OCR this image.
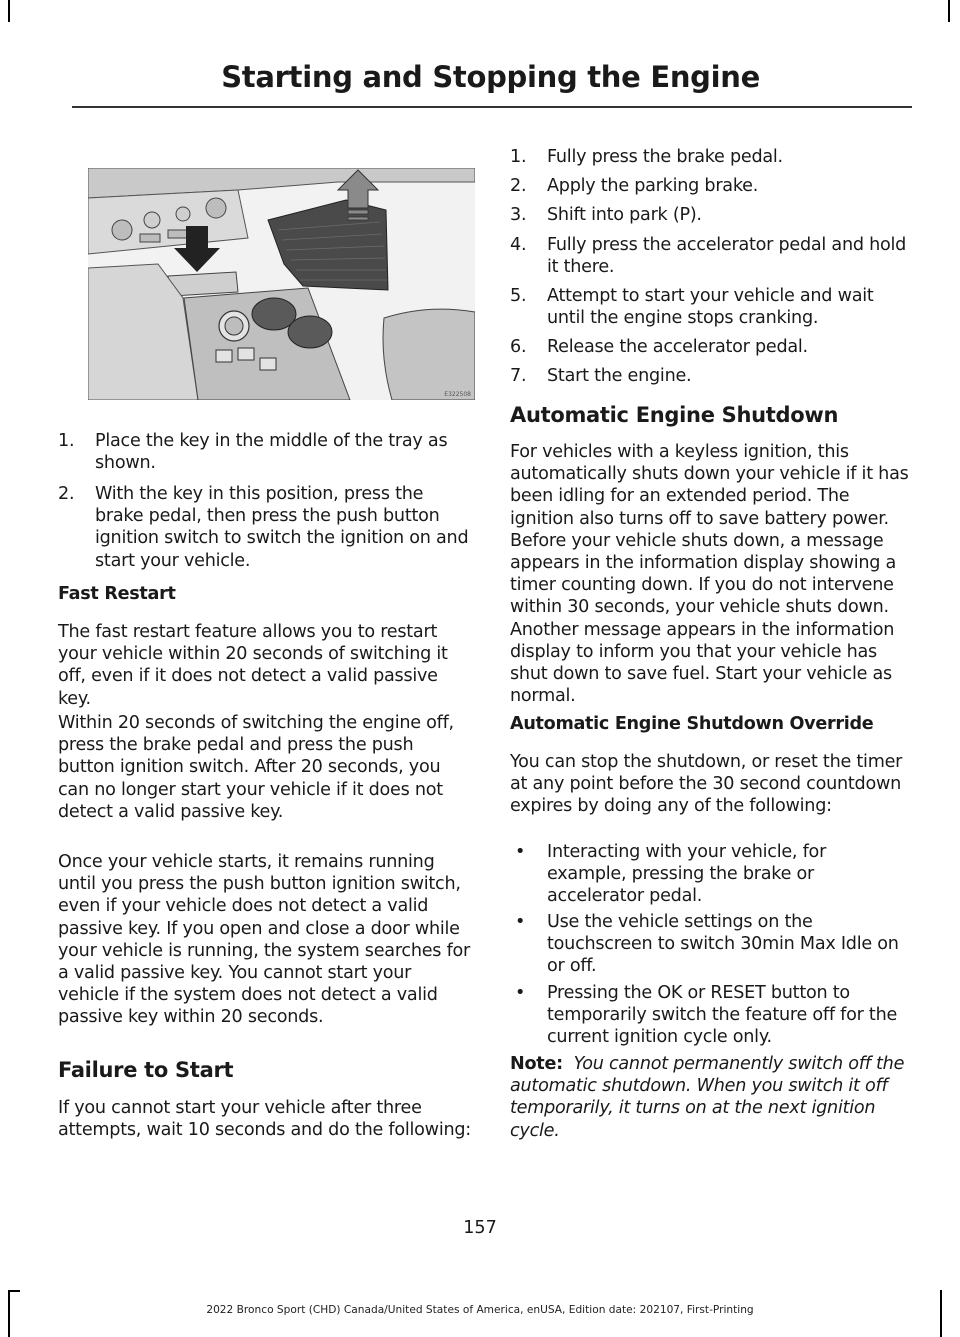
Starting and Stopping the Engine
E322508
1. Place the key in the middle of the tray as shown.
2. With the key in this position, press the brake pedal, then press the push button ignition switch to switch the ignition on and start your vehicle.
Fast Restart

The fast restart feature allows you to restart your vehicle within 20 seconds of switching it off, even if it does not detect a valid passive key.

Within 20 seconds of switching the engine off, press the brake pedal and press the push button ignition switch. After 20 seconds, you can no longer start your vehicle if it does not detect a valid passive key.

Once your vehicle starts, it remains running until you press the push button ignition switch, even if your vehicle does not detect a valid passive key. If you open and close a door while your vehicle is running, the system searches for a valid passive key. You cannot start your vehicle if the system does not detect a valid passive key within 20 seconds.

Failure to Start

If you cannot start your vehicle after three attempts, wait 10 seconds and do the following:

1. Fully press the brake pedal.
2. Apply the parking brake.
3. Shift into park (P).
4. Fully press the accelerator pedal and hold it there.
5. Attempt to start your vehicle and wait until the engine stops cranking.
6. Release the accelerator pedal.
7. Start the engine.
Automatic Engine Shutdown

For vehicles with a keyless ignition, this automatically shuts down your vehicle if it has been idling for an extended period. The ignition also turns off to save battery power. Before your vehicle shuts down, a message appears in the information display showing a timer counting down. If you do not intervene within 30 seconds, your vehicle shuts down. Another message appears in the information display to inform you that your vehicle has shut down to save fuel. Start your vehicle as normal.

Automatic Engine Shutdown Override

You can stop the shutdown, or reset the timer at any point before the 30 second countdown expires by doing any of the following:

• Interacting with your vehicle, for example, pressing the brake or accelerator pedal.
• Use the vehicle settings on the touchscreen to switch 30min Max Idle on or off.
• Pressing the OK or RESET button to temporarily switch the feature off for the current ignition cycle only.

Note: You cannot permanently switch off the automatic shutdown. When you switch it off temporarily, it turns on at the next ignition cycle.

157

2022 Bronco Sport (CHD) Canada/United States of America, enUSA, Edition date: 202107, First-Printing
